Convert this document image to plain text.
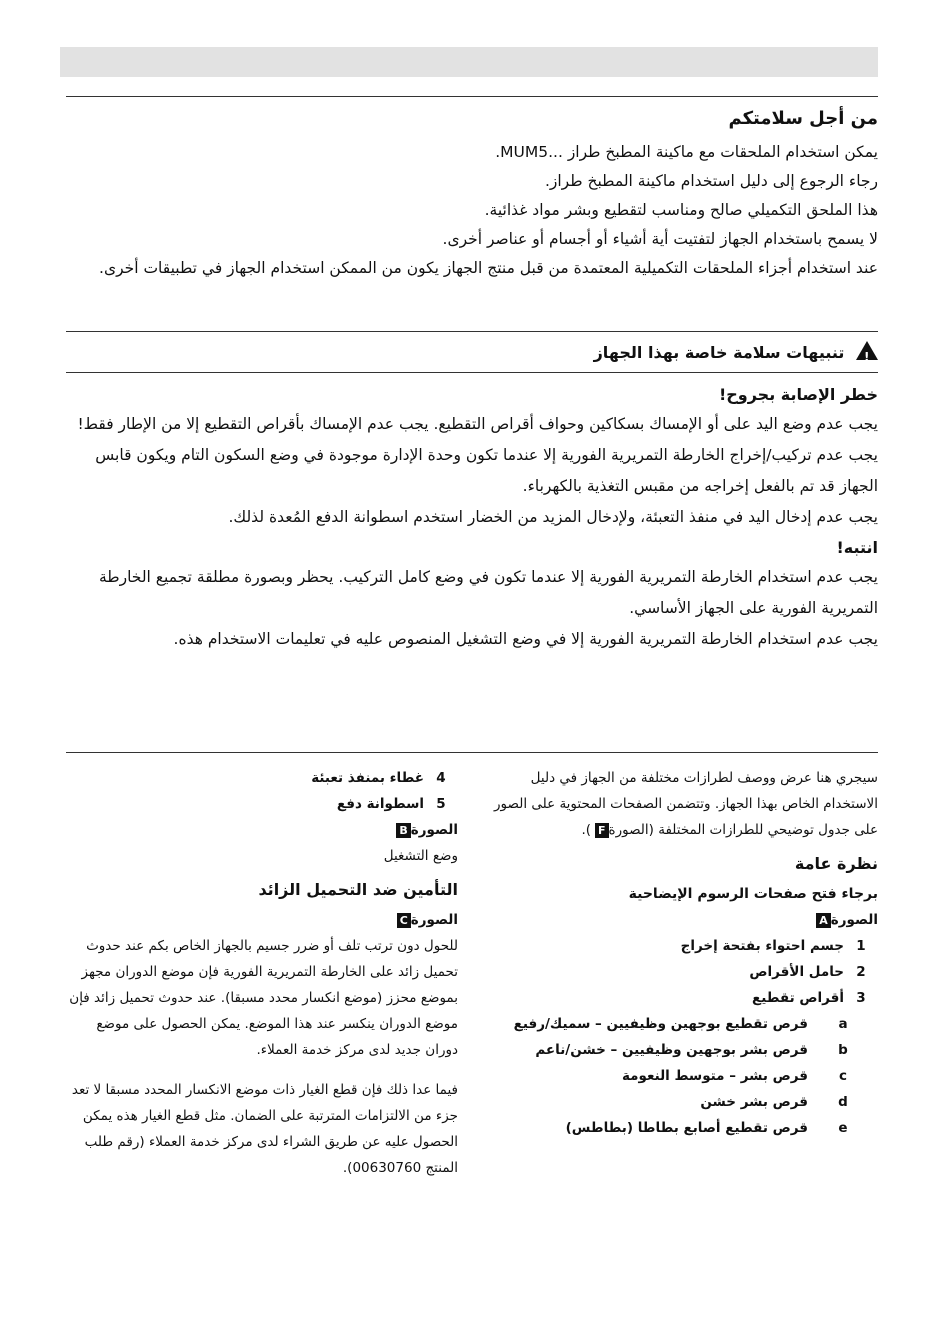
من أجل سلامتكم

يمكن استخدام الملحقات مع ماكينة المطبخ طراز ...MUM5.

رجاء الرجوع إلى دليل استخدام ماكينة المطبخ طراز.

هذا الملحق التكميلي صالح ومناسب لتقطيع وبشر مواد غذائية.

لا يسمح باستخدام الجهاز لتفتيت أية أشياء أو أجسام أو عناصر أخرى.

عند استخدام أجزاء الملحقات التكميلية المعتمدة من قبل منتج الجهاز يكون من الممكن استخدام الجهاز في تطبيقات أخرى.

!
تنبيهات سلامة خاصة بهذا الجهاز
خطر الإصابة بجروح!

يجب عدم وضع اليد على أو الإمساك بسكاكين وحواف أقراص التقطيع. يجب عدم الإمساك بأقراص التقطيع إلا من الإطار فقط!

يجب عدم تركيب/إخراج الخارطة التمريرية الفورية إلا عندما تكون وحدة الإدارة موجودة في وضع السكون التام ويكون قابس الجهاز قد تم بالفعل إخراجه من مقبس التغذية بالكهرباء.

يجب عدم إدخال اليد في منفذ التعبئة، ولإدخال المزيد من الخضار استخدم اسطوانة الدفع المُعدة لذلك.

انتبه!

يجب عدم استخدام الخارطة التمريرية الفورية إلا عندما تكون في وضع كامل التركيب. يحظر وبصورة مطلقة تجميع الخارطة التمريرية الفورية على الجهاز الأساسي.

يجب عدم استخدام الخارطة التمريرية الفورية إلا في وضع التشغيل المنصوص عليه في تعليمات الاستخدام هذه.

سيجري هنا عرض ووصف لطرازات مختلفة من الجهاز في دليل الاستخدام الخاص بهذا الجهاز. وتتضمن الصفحات المحتوية على الصور على جدول توضيحي للطرازات المختلفة (الصورةF).

نظرة عامة
برجاء فتح صفحات الرسوم الإيضاحية
الصورةA
1
جسم احتواء بفتحة إخراج
2
حامل الأقراص
3
أقراص تقطيع
a
قرص تقطيع بوجهين وظيفيين – سميك/رفيع
b
قرص بشر بوجهين وظيفيين – خشن/ناعم
c
قرص بشر – متوسط النعومة
d
قرص بشر خشن
e
قرص تقطيع أصابع بطاطا (بطاطس)
4
غطاء بمنفذ تعبئة
5
اسطوانة دفع
الصورةB

وضع التشغيل

التأمين ضد التحميل الزائد
الصورةC

للحول دون ترتب تلف أو ضرر جسيم بالجهاز الخاص بكم عند حدوث تحميل زائد على الخارطة التمريرية الفورية فإن موضع الدوران مجهز بموضع محزز (موضع انكسار محدد مسبقا). عند حدوث تحميل زائد فإن موضع الدوران ينكسر عند هذا الموضع. يمكن الحصول على موضع دوران جديد لدى مركز خدمة العملاء.

فيما عدا ذلك فإن قطع الغيار ذات موضع الانكسار المحدد مسبقا لا تعد جزء من الالتزامات المترتبة على الضمان. مثل قطع الغيار هذه يمكن الحصول عليه عن طريق الشراء لدى مركز خدمة العملاء (رقم طلب المنتج 00630760).
